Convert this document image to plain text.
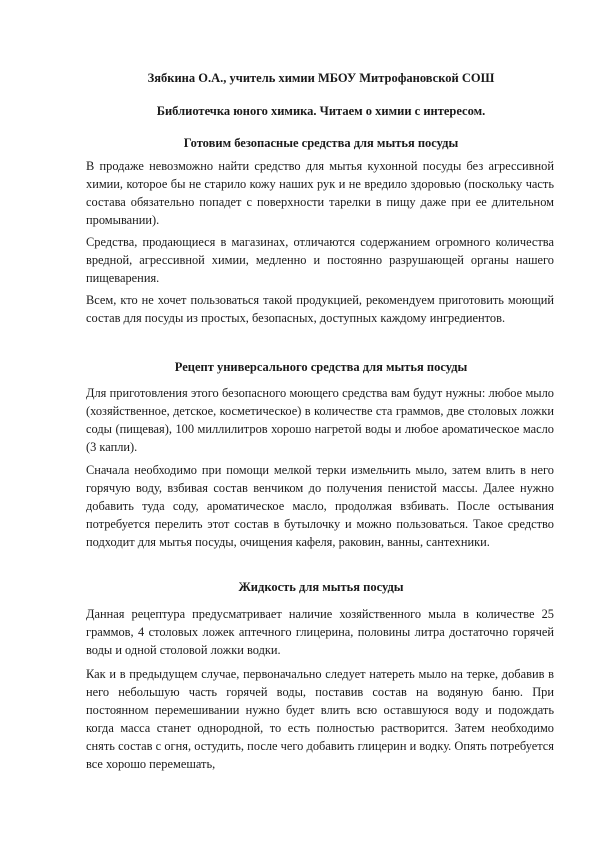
Зябкина О.А., учитель химии МБОУ Митрофановской СОШ
Библиотечка юного химика. Читаем о химии с интересом.
Готовим безопасные средства для мытья посуды
В продаже невозможно найти средство для мытья кухонной посуды без агрессивной химии, которое бы не старило кожу наших рук и не вредило здоровью (поскольку часть состава обязательно попадет с поверхности тарелки в пищу даже при ее длительном промывании).
Средства, продающиеся в магазинах, отличаются содержанием огромного количества вредной, агрессивной химии, медленно и постоянно разрушающей органы нашего пищеварения.
Всем, кто не хочет пользоваться такой продукцией, рекомендуем приготовить моющий состав для посуды из простых, безопасных, доступных каждому ингредиентов.
Рецепт универсального средства для мытья посуды
Для приготовления этого безопасного моющего средства вам будут нужны: любое мыло (хозяйственное, детское, косметическое) в количестве ста граммов, две столовых ложки соды (пищевая), 100 миллилитров хорошо нагретой воды и любое ароматическое масло (3 капли).
Сначала необходимо при помощи мелкой терки измельчить мыло, затем влить в него горячую воду, взбивая состав венчиком до получения пенистой массы. Далее нужно добавить туда соду, ароматическое масло, продолжая взбивать. После остывания потребуется перелить этот состав в бутылочку и можно пользоваться. Такое средство подходит для мытья посуды, очищения кафеля, раковин, ванны, сантехники.
Жидкость для мытья посуды
Данная рецептура предусматривает наличие хозяйственного мыла в количестве 25 граммов, 4 столовых ложек аптечного глицерина, половины литра достаточно горячей воды и одной столовой ложки водки.
Как и в предыдущем случае, первоначально следует натереть мыло на терке, добавив в него небольшую часть горячей воды, поставив состав на водяную баню. При постоянном перемешивании нужно будет влить всю оставшуюся воду и подождать когда масса станет однородной, то есть полностью растворится. Затем необходимо снять состав с огня, остудить, после чего добавить глицерин и водку. Опять потребуется все хорошо перемешать,
